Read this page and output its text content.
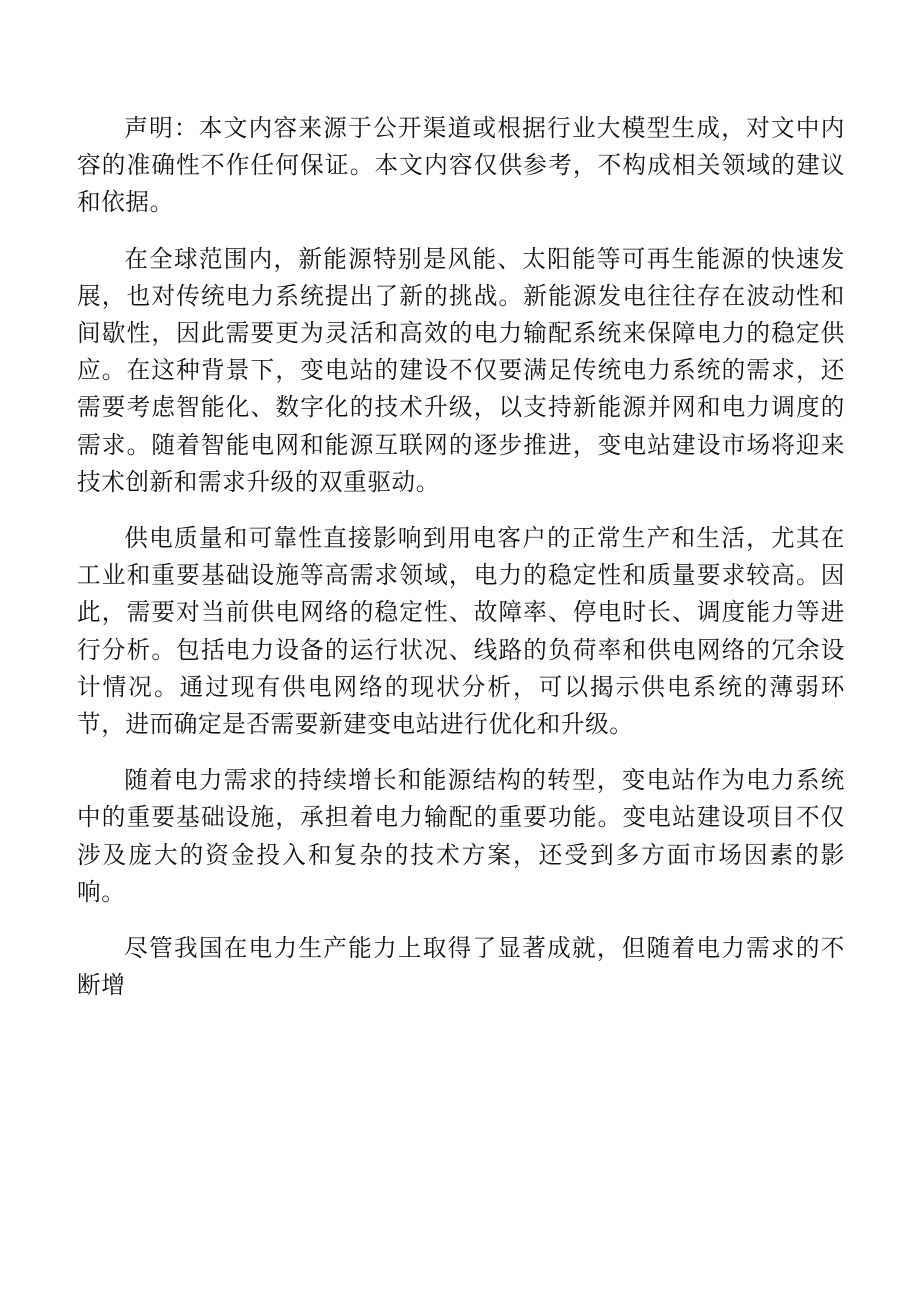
声明：本文内容来源于公开渠道或根据行业大模型生成，对文中内容的准确性不作任何保证。本文内容仅供参考，不构成相关领域的建议和依据。

在全球范围内，新能源特别是风能、太阳能等可再生能源的快速发展，也对传统电力系统提出了新的挑战。新能源发电往往存在波动性和间歇性，因此需要更为灵活和高效的电力输配系统来保障电力的稳定供应。在这种背景下，变电站的建设不仅要满足传统电力系统的需求，还需要考虑智能化、数字化的技术升级，以支持新能源并网和电力调度的需求。随着智能电网和能源互联网的逐步推进，变电站建设市场将迎来技术创新和需求升级的双重驱动。

供电质量和可靠性直接影响到用电客户的正常生产和生活，尤其在工业和重要基础设施等高需求领域，电力的稳定性和质量要求较高。因此，需要对当前供电网络的稳定性、故障率、停电时长、调度能力等进行分析。包括电力设备的运行状况、线路的负荷率和供电网络的冗余设计情况。通过现有供电网络的现状分析，可以揭示供电系统的薄弱环节，进而确定是否需要新建变电站进行优化和升级。

随着电力需求的持续增长和能源结构的转型，变电站作为电力系统中的重要基础设施，承担着电力输配的重要功能。变电站建设项目不仅涉及庞大的资金投入和复杂的技术方案，还受到多方面市场因素的影响。

尽管我国在电力生产能力上取得了显著成就，但随着电力需求的不断增
